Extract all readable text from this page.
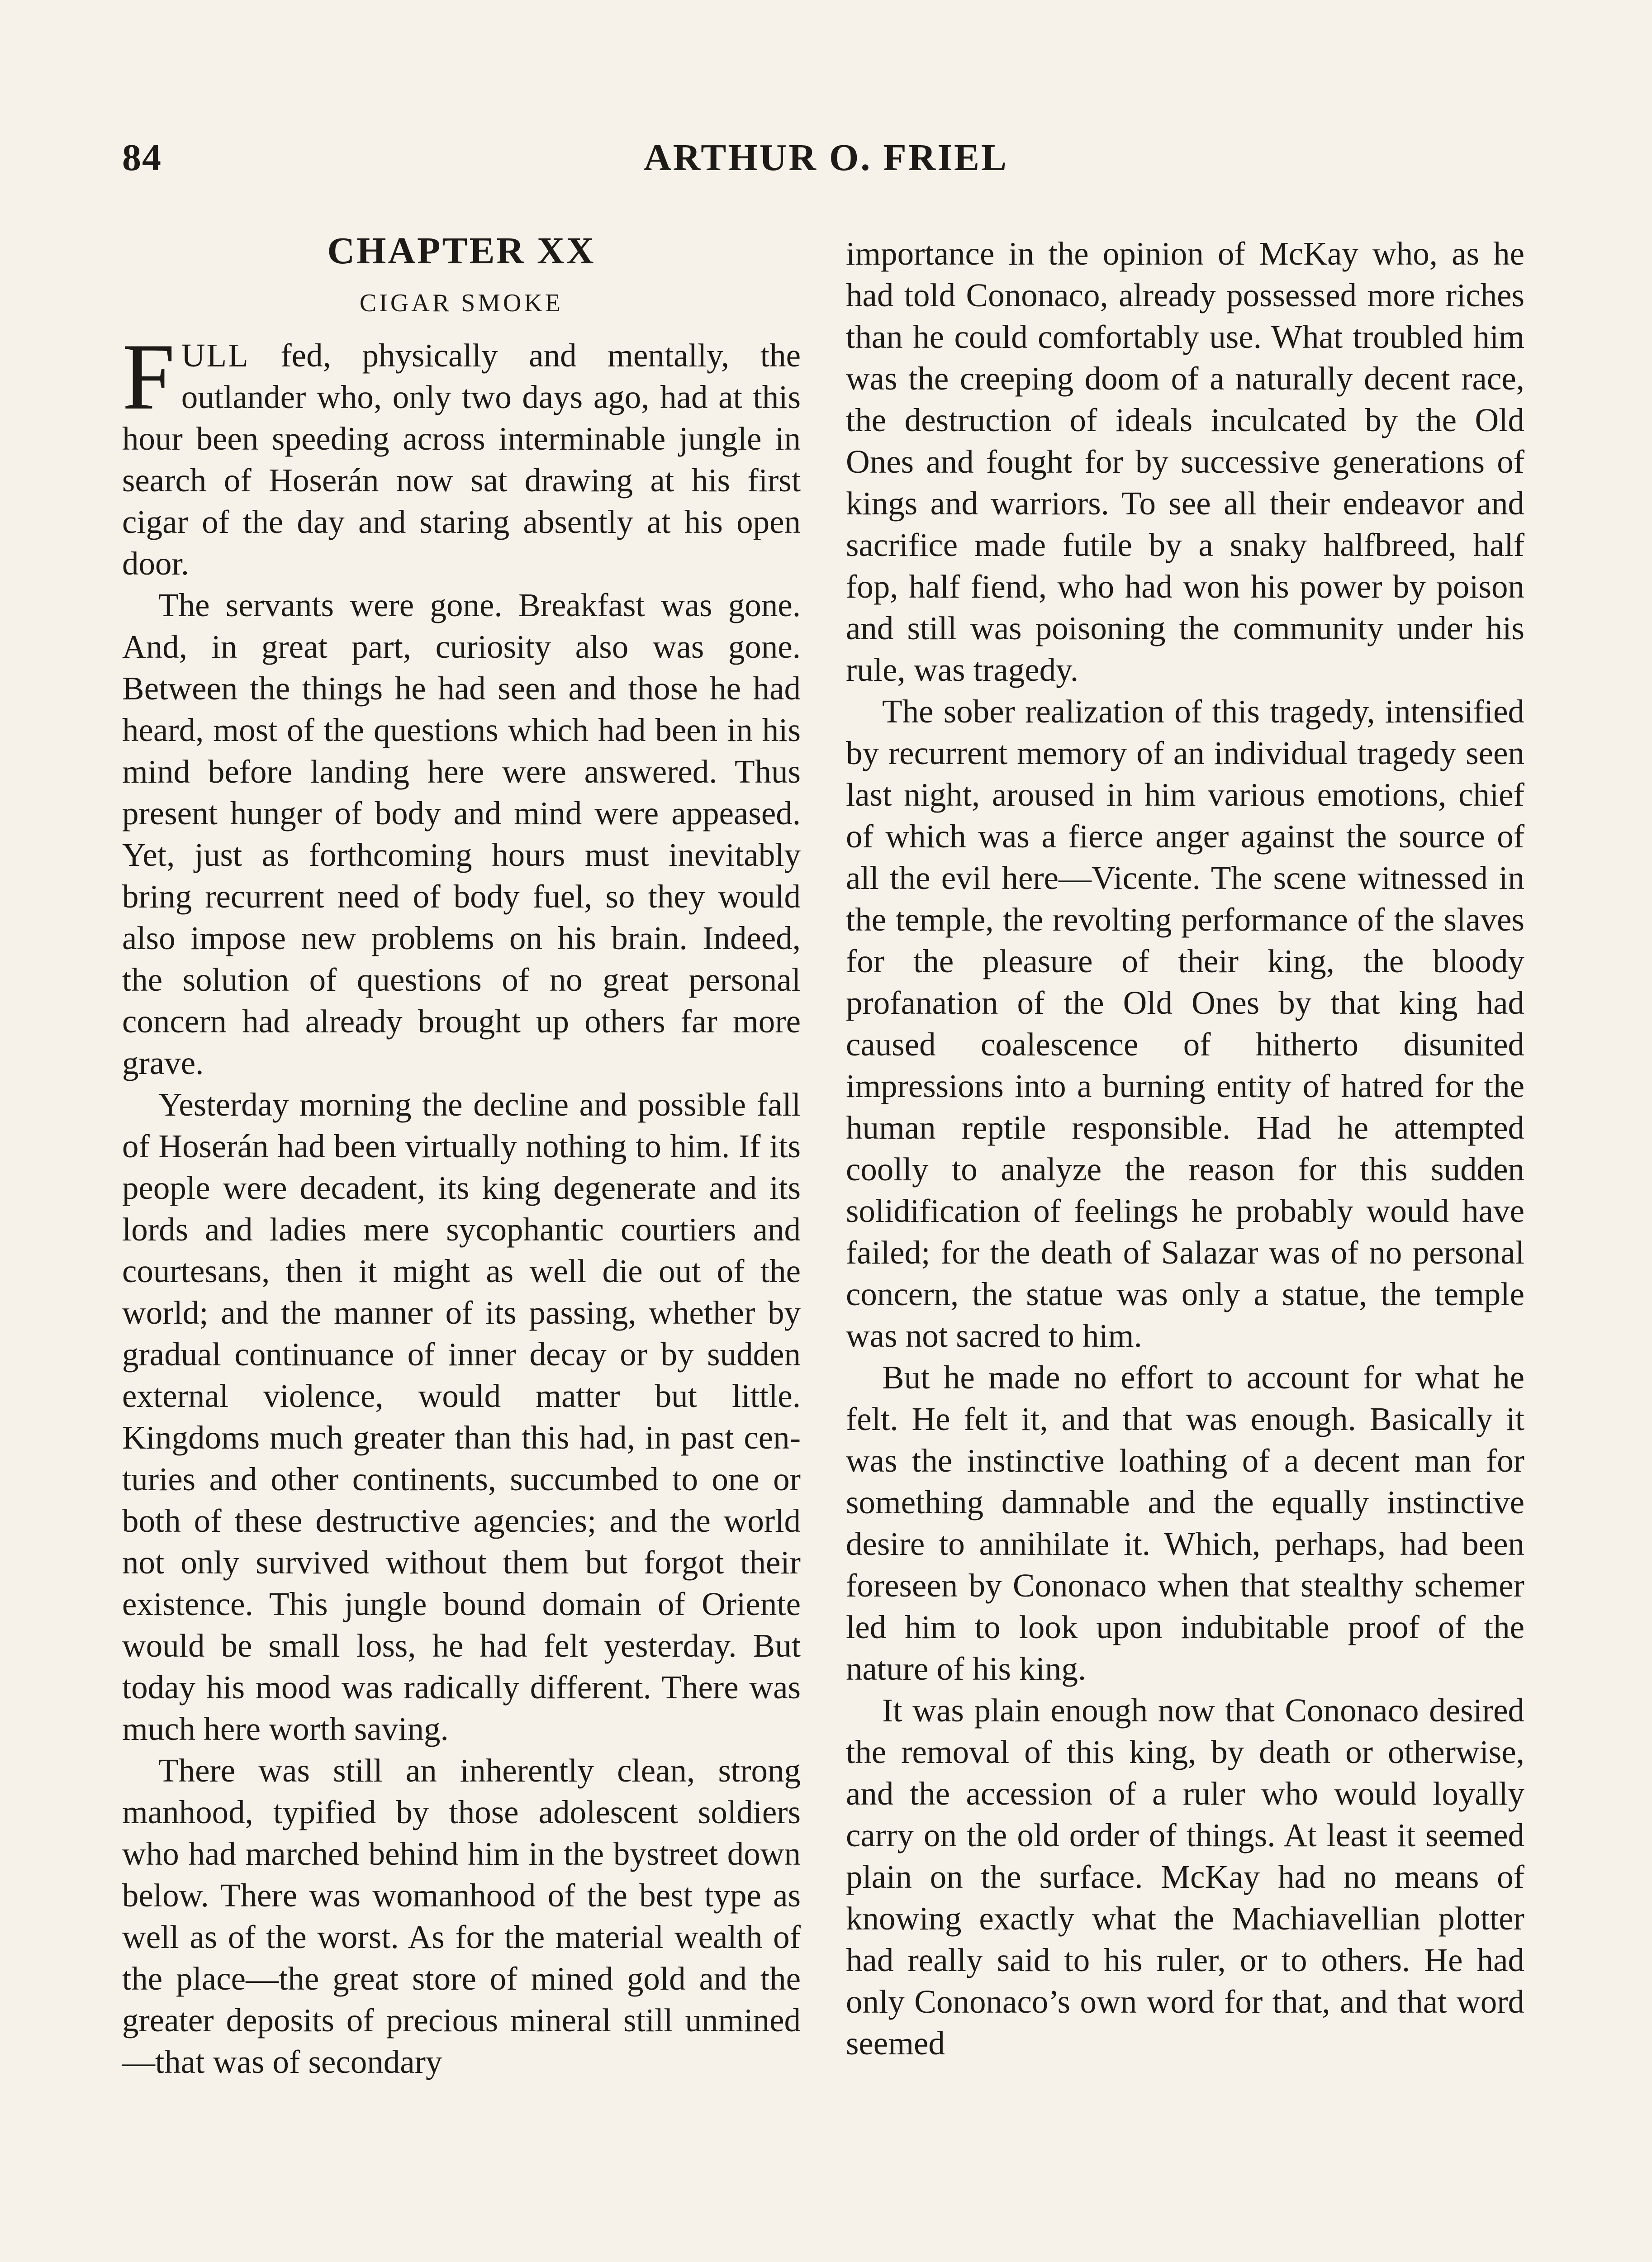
84	ARTHUR O. FRIEL
CHAPTER XX
CIGAR SMOKE

FULL fed, physically and mentally, the outlander who, only two days ago, had at this hour been speeding across interminable jungle in search of Hoserán now sat drawing at his first cigar of the day and staring absently at his open door.

The servants were gone. Breakfast was gone. And, in great part, curiosity also was gone. Between the things he had seen and those he had heard, most of the questions which had been in his mind before landing here were answered. Thus present hunger of body and mind were appeased. Yet, just as forthcoming hours must inevitably bring recurrent need of body fuel, so they would also impose new problems on his brain. Indeed, the solution of questions of no great personal concern had already brought up others far more grave.

Yesterday morning the decline and possible fall of Hoserán had been virtually nothing to him. If its people were decadent, its king degenerate and its lords and ladies mere sycophantic courtiers and courtesans, then it might as well die out of the world; and the manner of its passing, whether by gradual continuance of inner decay or by sudden external violence, would matter but little. Kingdoms much greater than this had, in past centuries and other continents, succumbed to one or both of these destructive agencies; and the world not only survived without them but forgot their existence. This jungle bound domain of Oriente would be small loss, he had felt yesterday. But today his mood was radically different. There was much here worth saving.

There was still an inherently clean, strong manhood, typified by those adolescent soldiers who had marched behind him in the bystreet down below. There was womanhood of the best type as well as of the worst. As for the material wealth of the place—the great store of mined gold and the greater deposits of precious mineral still unmined—that was of secondary

importance in the opinion of McKay who, as he had told Cononaco, already possessed more riches than he could comfortably use. What troubled him was the creeping doom of a naturally decent race, the destruction of ideals inculcated by the Old Ones and fought for by successive generations of kings and warriors. To see all their endeavor and sacrifice made futile by a snaky halfbreed, half fop, half fiend, who had won his power by poison and still was poisoning the community under his rule, was tragedy.

The sober realization of this tragedy, intensified by recurrent memory of an individual tragedy seen last night, aroused in him various emotions, chief of which was a fierce anger against the source of all the evil here—Vicente. The scene witnessed in the temple, the revolting performance of the slaves for the pleasure of their king, the bloody profanation of the Old Ones by that king had caused coalescence of hitherto disunited impressions into a burning entity of hatred for the human reptile responsible. Had he attempted coolly to analyze the reason for this sudden solidification of feelings he probably would have failed; for the death of Salazar was of no personal concern, the statue was only a statue, the temple was not sacred to him.

But he made no effort to account for what he felt. He felt it, and that was enough. Basically it was the instinctive loathing of a decent man for something damnable and the equally instinctive desire to annihilate it. Which, perhaps, had been foreseen by Cononaco when that stealthy schemer led him to look upon indubitable proof of the nature of his king.

It was plain enough now that Cononaco desired the removal of this king, by death or otherwise, and the accession of a ruler who would loyally carry on the old order of things. At least it seemed plain on the surface. McKay had no means of knowing exactly what the Machiavellian plotter had really said to his ruler, or to others. He had only Cononaco’s own word for that, and that word seemed
